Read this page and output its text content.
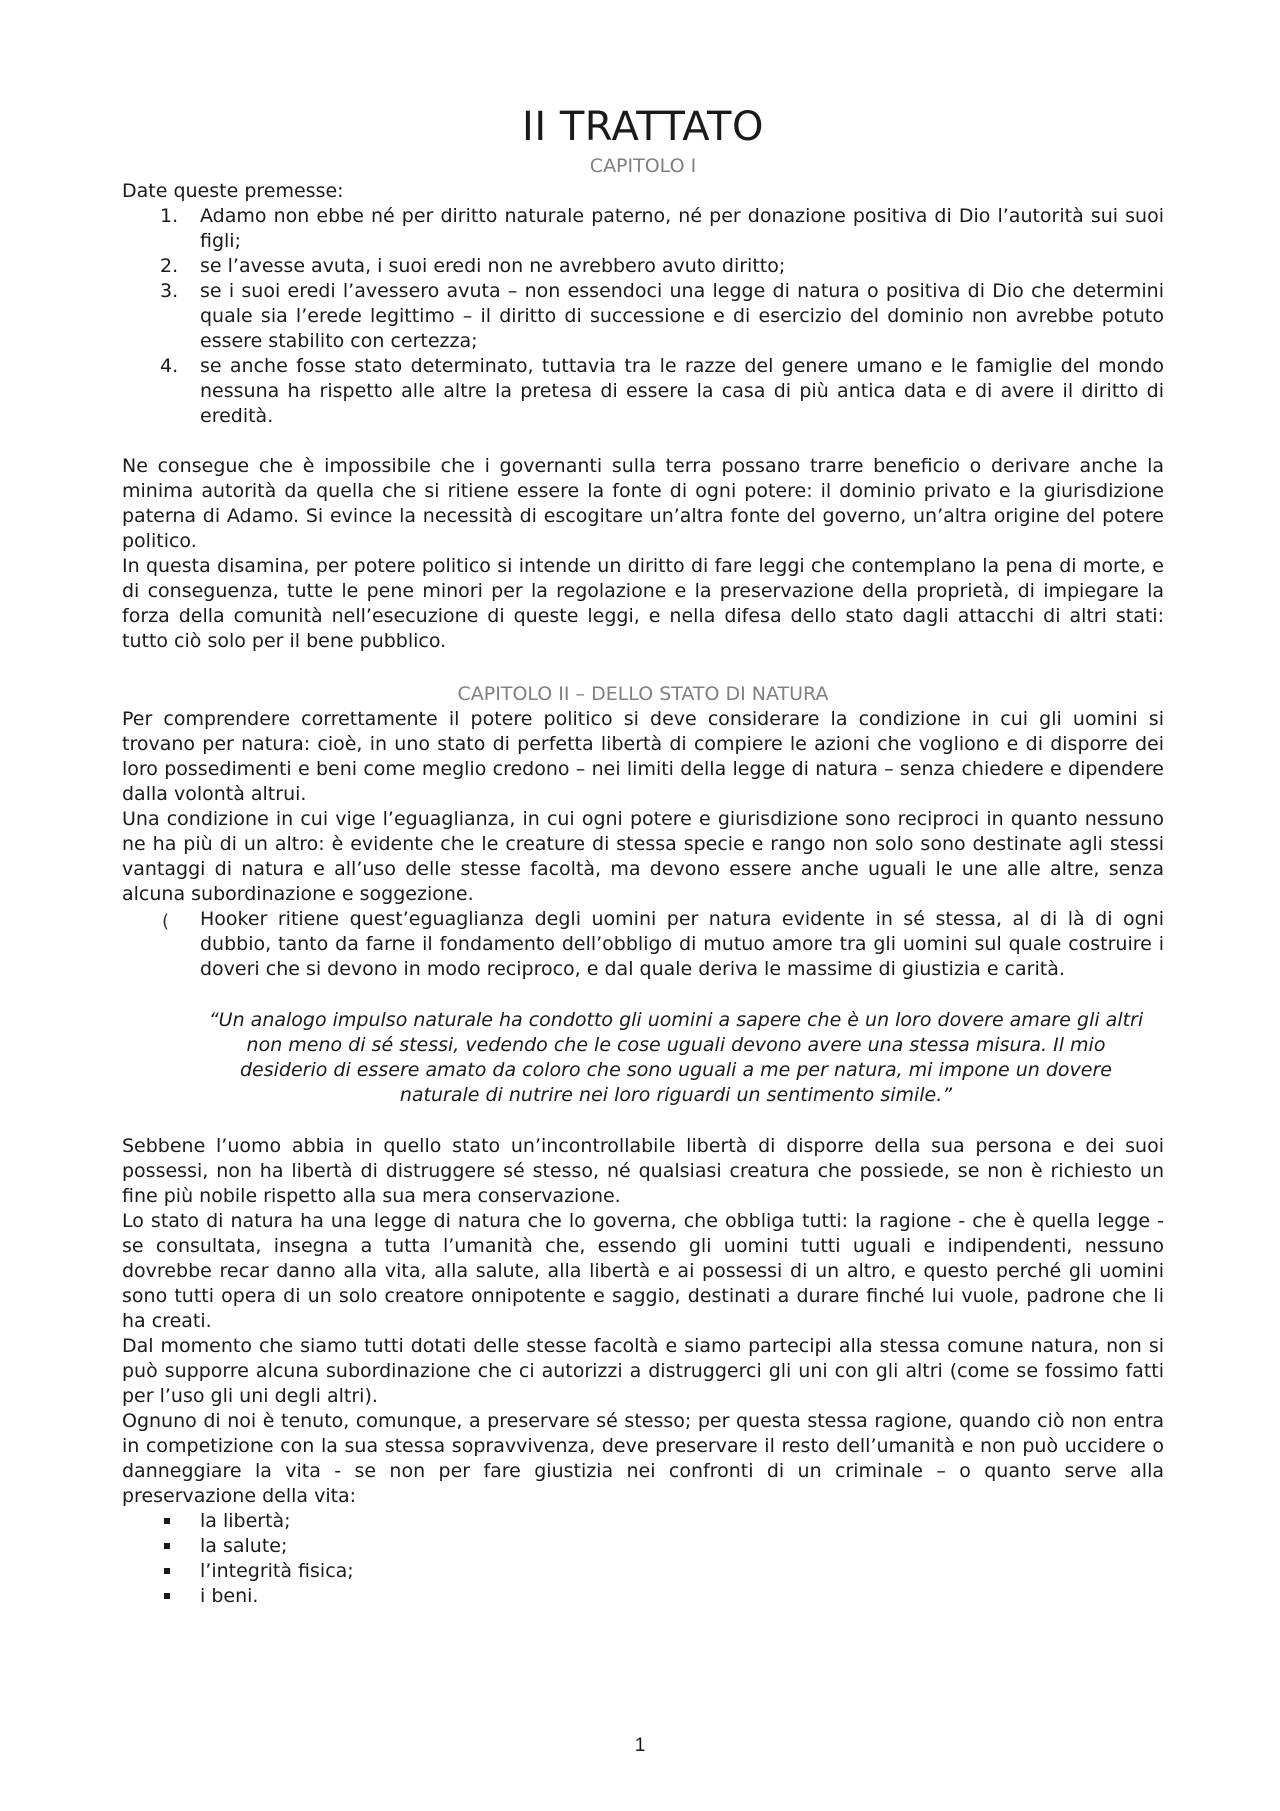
II TRATTATO
CAPITOLO I

Date queste premesse:

1. Adamo non ebbe né per diritto naturale paterno, né per donazione positiva di Dio l’autorità sui suoi figli;
2. se l’avesse avuta, i suoi eredi non ne avrebbero avuto diritto;
3. se i suoi eredi l’avessero avuta – non essendoci una legge di natura o positiva di Dio che determini quale sia l’erede legittimo – il diritto di successione e di esercizio del dominio non avrebbe potuto essere stabilito con certezza;
4. se anche fosse stato determinato, tuttavia tra le razze del genere umano e le famiglie del mondo nessuna ha rispetto alle altre la pretesa di essere la casa di più antica data e di avere il diritto di eredità.

Ne consegue che è impossibile che i governanti sulla terra possano trarre beneficio o derivare anche la minima autorità da quella che si ritiene essere la fonte di ogni potere: il dominio privato e la giurisdizione paterna di Adamo. Si evince la necessità di escogitare un’altra fonte del governo, un’altra origine del potere politico.

In questa disamina, per potere politico si intende un diritto di fare leggi che contemplano la pena di morte, e di conseguenza, tutte le pene minori per la regolazione e la preservazione della proprietà, di impiegare la forza della comunità nell’esecuzione di queste leggi, e nella difesa dello stato dagli attacchi di altri stati: tutto ciò solo per il bene pubblico.

CAPITOLO II – DELLO STATO DI NATURA

Per comprendere correttamente il potere politico si deve considerare la condizione in cui gli uomini si trovano per natura: cioè, in uno stato di perfetta libertà di compiere le azioni che vogliono e di disporre dei loro possedimenti e beni come meglio credono – nei limiti della legge di natura – senza chiedere e dipendere dalla volontà altrui.

Una condizione in cui vige l’eguaglianza, in cui ogni potere e giurisdizione sono reciproci in quanto nessuno ne ha più di un altro: è evidente che le creature di stessa specie e rango non solo sono destinate agli stessi vantaggi di natura e all’uso delle stesse facoltà, ma devono essere anche uguali le une alle altre, senza alcuna subordinazione e soggezione.

( Hooker ritiene quest’eguaglianza degli uomini per natura evidente in sé stessa, al di là di ogni dubbio, tanto da farne il fondamento dell’obbligo di mutuo amore tra gli uomini sul quale costruire i doveri che si devono in modo reciproco, e dal quale deriva le massime di giustizia e carità.

“Un analogo impulso naturale ha condotto gli uomini a sapere che è un loro dovere amare gli altri non meno di sé stessi, vedendo che le cose uguali devono avere una stessa misura. Il mio desiderio di essere amato da coloro che sono uguali a me per natura, mi impone un dovere naturale di nutrire nei loro riguardi un sentimento simile.”

Sebbene l’uomo abbia in quello stato un’incontrollabile libertà di disporre della sua persona e dei suoi possessi, non ha libertà di distruggere sé stesso, né qualsiasi creatura che possiede, se non è richiesto un fine più nobile rispetto alla sua mera conservazione.

Lo stato di natura ha una legge di natura che lo governa, che obbliga tutti: la ragione - che è quella legge - se consultata, insegna a tutta l’umanità che, essendo gli uomini tutti uguali e indipendenti, nessuno dovrebbe recar danno alla vita, alla salute, alla libertà e ai possessi di un altro, e questo perché gli uomini sono tutti opera di un solo creatore onnipotente e saggio, destinati a durare finché lui vuole, padrone che li ha creati.

Dal momento che siamo tutti dotati delle stesse facoltà e siamo partecipi alla stessa comune natura, non si può supporre alcuna subordinazione che ci autorizzi a distruggerci gli uni con gli altri (come se fossimo fatti per l’uso gli uni degli altri).

Ognuno di noi è tenuto, comunque, a preservare sé stesso; per questa stessa ragione, quando ciò non entra in competizione con la sua stessa sopravvivenza, deve preservare il resto dell’umanità e non può uccidere o danneggiare la vita - se non per fare giustizia nei confronti di un criminale – o quanto serve alla preservazione della vita:

la libertà;
la salute;
l’integrità fisica;
i beni.
1
